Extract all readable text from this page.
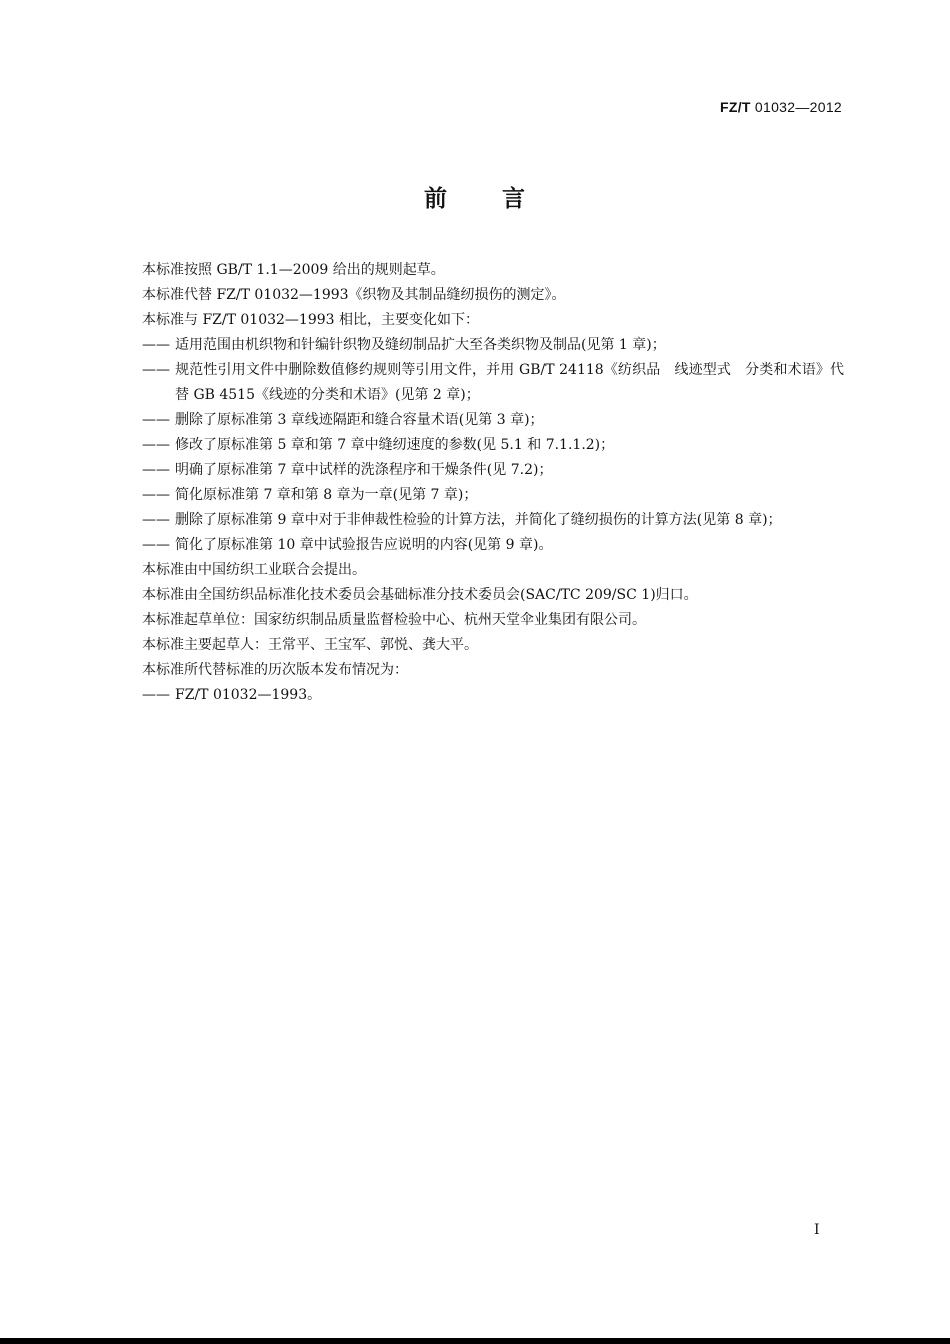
FZ/T 01032—2012
前 言

本标准按照 GB/T 1.1—2009 给出的规则起草。

本标准代替 FZ/T 01032—1993《织物及其制品缝纫损伤的测定》。

本标准与 FZ/T 01032—1993 相比，主要变化如下：

—— 适用范围由机织物和针编针织物及缝纫制品扩大至各类织物及制品(见第 1 章)；

—— 规范性引用文件中删除数值修约规则等引用文件，并用 GB/T 24118《纺织品　线迹型式　分类和术语》代替 GB 4515《线迹的分类和术语》(见第 2 章)；

—— 删除了原标准第 3 章线迹隔距和缝合容量术语(见第 3 章)；

—— 修改了原标准第 5 章和第 7 章中缝纫速度的参数(见 5.1 和 7.1.1.2)；

—— 明确了原标准第 7 章中试样的洗涤程序和干燥条件(见 7.2)；

—— 简化原标准第 7 章和第 8 章为一章(见第 7 章)；

—— 删除了原标准第 9 章中对于非伸裁性检验的计算方法，并简化了缝纫损伤的计算方法(见第 8 章)；

—— 简化了原标准第 10 章中试验报告应说明的内容(见第 9 章)。

本标准由中国纺织工业联合会提出。

本标准由全国纺织品标准化技术委员会基础标准分技术委员会(SAC/TC 209/SC 1)归口。

本标准起草单位：国家纺织制品质量监督检验中心、杭州天堂伞业集团有限公司。

本标准主要起草人：王常平、王宝军、郭悦、龚大平。

本标准所代替标准的历次版本发布情况为：

—— FZ/T 01032—1993。

I
